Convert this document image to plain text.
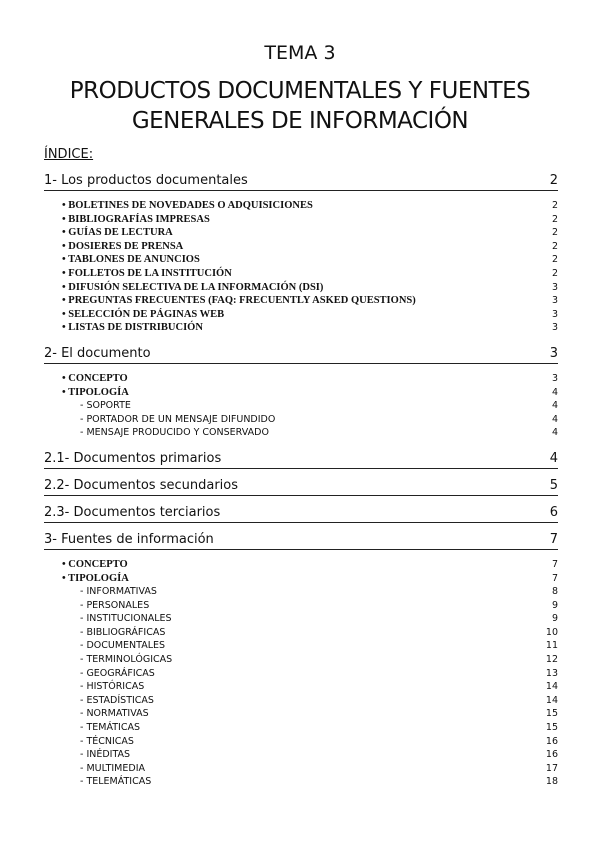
TEMA 3
PRODUCTOS DOCUMENTALES Y FUENTES
GENERALES DE INFORMACIÓN
ÍNDICE:
1- Los productos documentales	2
• BOLETINES DE NOVEDADES O ADQUISICIONES	2
• BIBLIOGRAFÍAS IMPRESAS	2
• GUÍAS DE LECTURA	2
• DOSIERES DE PRENSA	2
• TABLONES DE ANUNCIOS	2
• FOLLETOS DE LA INSTITUCIÓN	2
• DIFUSIÓN SELECTIVA DE LA INFORMACIÓN (DSI)	3
• PREGUNTAS FRECUENTES (FAQ: FRECUENTLY ASKED QUESTIONS)	3
• SELECCIÓN DE PÁGINAS WEB	3
• LISTAS DE DISTRIBUCIÓN	3
2- El documento	3
• CONCEPTO	3
• TIPOLOGÍA	4
- SOPORTE	4
- PORTADOR DE UN MENSAJE DIFUNDIDO	4
- MENSAJE PRODUCIDO Y CONSERVADO	4
2.1- Documentos primarios	4
2.2- Documentos secundarios	5
2.3- Documentos terciarios	6
3- Fuentes de información	7
• CONCEPTO	7
• TIPOLOGÍA	7
- INFORMATIVAS	8
- PERSONALES	9
- INSTITUCIONALES	9
- BIBLIOGRÁFICAS	10
- DOCUMENTALES	11
- TERMINOLÓGICAS	12
- GEOGRÁFICAS	13
- HISTÓRICAS	14
- ESTADÍSTICAS	14
- NORMATIVAS	15
- TEMÁTICAS	15
- TÉCNICAS	16
- INÉDITAS	16
- MULTIMEDIA	17
- TELEMÁTICAS	18
